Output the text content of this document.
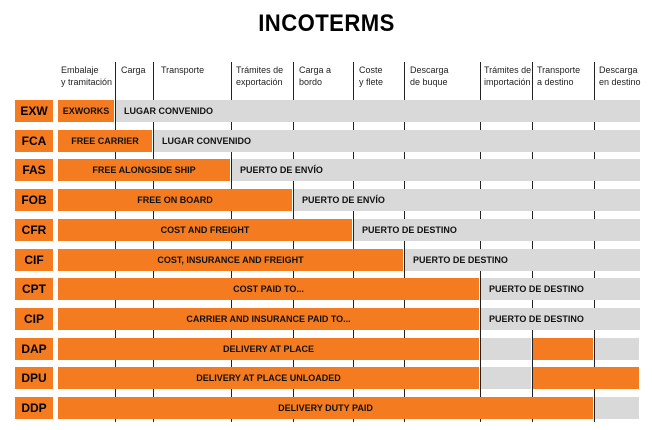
INCOTERMS
Embalaje
y tramitación
Carga Transporte	Trámites de
exportación
Carga a
bordo
Coste
y flete
Descarga
de buque
Trámites de
importación
Transporte
a destino
Descarga
en destino
EXW	EXWORKS	LUGAR CONVENIDO
FCA	FREE CARRIER	LUGAR CONVENIDO
FAS	FREE ALONGSIDE SHIP	PUERTO DE ENVÍO
FOB	FREE ON BOARD	PUERTO DE ENVÍO
CFR	COST AND FREIGHT	PUERTO DE DESTINO
CIF	COST, INSURANCE AND FREIGHT	PUERTO DE DESTINO
CPT	COST PAID TO...	PUERTO DE DESTINO
CIP	CARRIER AND INSURANCE PAID TO...	PUERTO DE DESTINO
DAP	DELIVERY AT PLACE
DPU	DELIVERY AT PLACE UNLOADED
DDP	DELIVERY DUTY PAID
